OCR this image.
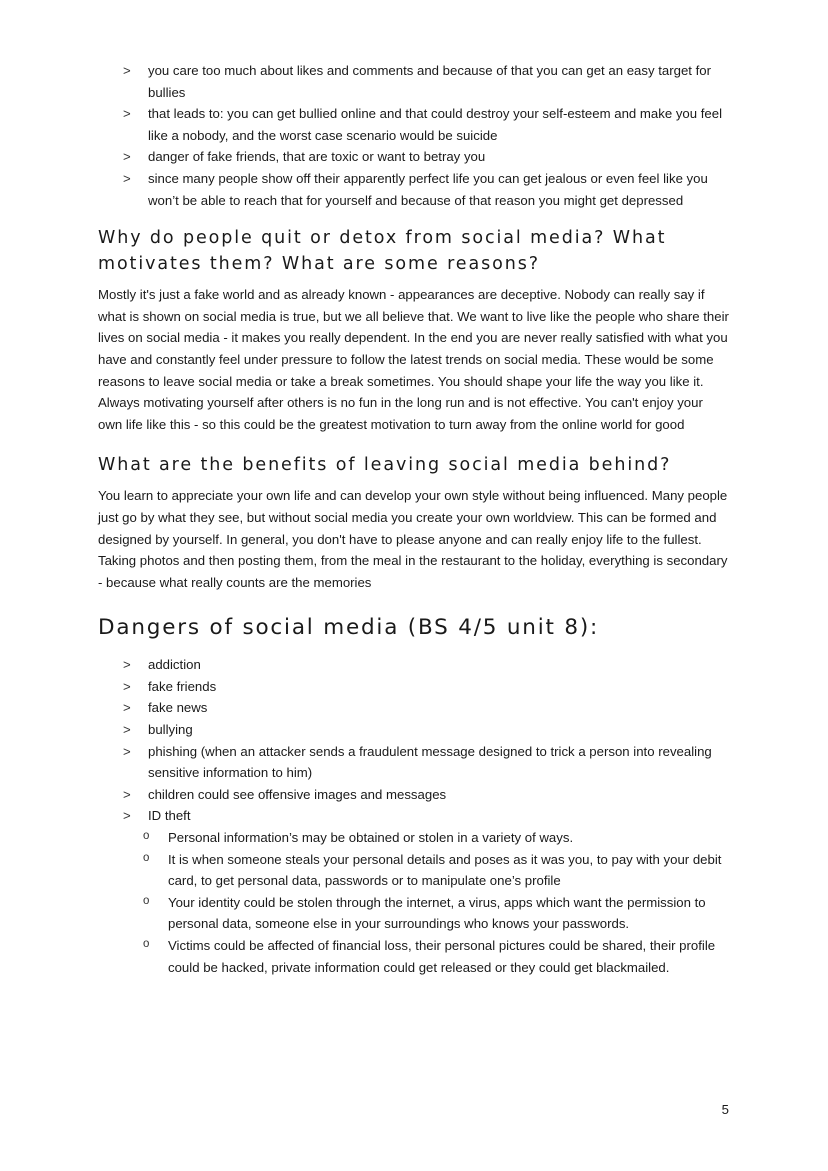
> you care too much about likes and comments and because of that you can get an easy target for bullies
> that leads to: you can get bullied online and that could destroy your self-esteem and make you feel like a nobody, and the worst case scenario would be suicide
> danger of fake friends, that are toxic or want to betray you
> since many people show off their apparently perfect life you can get jealous or even feel like you won’t be able to reach that for yourself and because of that reason you might get depressed
Why do people quit or detox from social media? What motivates them? What are some reasons?

Mostly it's just a fake world and as already known - appearances are deceptive. Nobody can really say if what is shown on social media is true, but we all believe that. We want to live like the people who share their lives on social media - it makes you really dependent. In the end you are never really satisfied with what you have and constantly feel under pressure to follow the latest trends on social media. These would be some reasons to leave social media or take a break sometimes. You should shape your life the way you like it. Always motivating yourself after others is no fun in the long run and is not effective. You can't enjoy your own life like this - so this could be the greatest motivation to turn away from the online world for good

What are the benefits of leaving social media behind?

You learn to appreciate your own life and can develop your own style without being influenced. Many people just go by what they see, but without social media you create your own worldview. This can be formed and designed by yourself. In general, you don't have to please anyone and can really enjoy life to the fullest. Taking photos and then posting them, from the meal in the restaurant to the holiday, everything is secondary - because what really counts are the memories

Dangers of social media (BS 4/5 unit 8):
> addiction
> fake friends
> fake news
> bullying
> phishing (when an attacker sends a fraudulent message designed to trick a person into revealing sensitive information to him)
> children could see offensive images and messages
> ID theft
o Personal information’s may be obtained or stolen in a variety of ways.
o It is when someone steals your personal details and poses as it was you, to pay with your debit card, to get personal data, passwords or to manipulate one’s profile
o Your identity could be stolen through the internet, a virus, apps which want the permission to personal data, someone else in your surroundings who knows your passwords.
o Victims could be affected of financial loss, their personal pictures could be shared, their profile could be hacked, private information could get released or they could get blackmailed.
5
